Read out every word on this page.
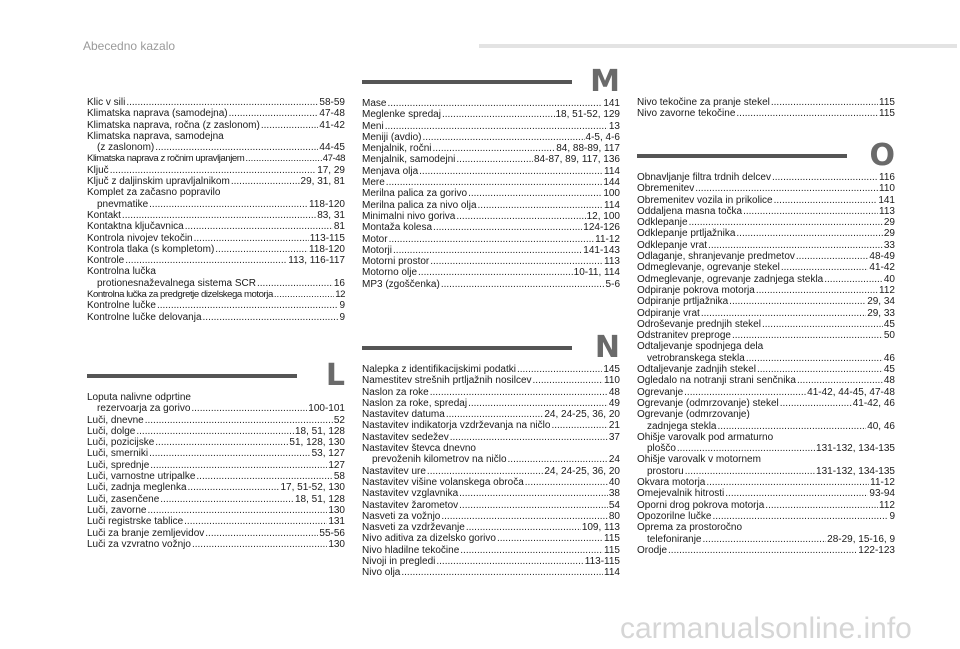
Abecedno kazalo
Klic v sili .....	58-59
Klimatska naprava (samodejna) .....	47-48
Klimatska naprava, ročna (z zaslonom) .....	41-42
Klimatska naprava, samodejna
(z zaslonom) .....	44-45
Klimatska naprava z ročnim upravljanjem .....	47-48
Ključ .....	17, 29
Ključ z daljinskim upravljalnikom .....	29, 31, 81
Komplet za začasno popravilo
pnevmatike .....	118-120
Kontakt .....	83, 31
Kontaktna ključavnica .....	81
Kontrola nivojev tekočin .....	113-115
Kontrola tlaka (s kompletom) .....	118-120
Kontrole .....	113, 116-117
Kontrolna lučka
protionesnaževalnega sistema SCR .....	16
Kontrolna lučka za predgretje dizelskega motorja .....	12
Kontrolne lučke .....	9
Kontrolne lučke delovanja .....	9
L
Loputa nalivne odprtine
rezervoarja za gorivo .....	100-101
Luči, dnevne .....	52
Luči, dolge .....	18, 51, 128
Luči, pozicijske .....	51, 128, 130
Luči, smerniki .....	53, 127
Luči, sprednje .....	127
Luči, varnostne utripalke .....	58
Luči, zadnja meglenka .....	17, 51-52, 130
Luči, zasenčene .....	18, 51, 128
Luči, zavorne .....	130
Luči registrske tablice .....	131
Luči za branje zemljevidov .....	55-56
Luči za vzvratno vožnjo .....	130
M
Mase .....	141
Meglenke spredaj .....	18, 51-52, 129
Meni .....	13
Meniji (avdio) .....	4-5, 4-6
Menjalnik, ročni .....	84, 88-89, 117
Menjalnik, samodejni .....	84-87, 89, 117, 136
Menjava olja .....	114
Mere .....	144
Merilna palica za gorivo .....	100
Merilna palica za nivo olja .....	114
Minimalni nivo goriva .....	12, 100
Montaža kolesa .....	124-126
Motor .....	11-12
Motorji .....	141-143
Motorni prostor .....	113
Motorno olje .....	10-11, 114
MP3 (zgoščenka) .....	5-6
N
Nalepka z identifikacijskimi podatki .....	145
Namestitev strešnih prtljažnih nosilcev .....	110
Naslon za roke .....	48
Naslon za roke, spredaj .....	49
Nastavitev datuma .....	24, 24-25, 36, 20
Nastavitev indikatorja vzdrževanja na ničlo .....	21
Nastavitev sedežev .....	37
Nastavitev števca dnevno
prevoženih kilometrov na ničlo .....	24
Nastavitev ure .....	24, 24-25, 36, 20
Nastavitev višine volanskega obroča .....	40
Nastavitev vzglavnika .....	38
Nastavitev žarometov .....	54
Nasveti za vožnjo .....	80
Nasveti za vzdrževanje .....	109, 113
Nivo aditiva za dizelsko gorivo .....	115
Nivo hladilne tekočine .....	115
Nivoji in pregledi .....	113-115
Nivo olja .....	114
Nivo tekočine za pranje stekel .....	115
Nivo zavorne tekočine .....	115
O
Obnavljanje filtra trdnih delcev .....	116
Obremenitev .....	110
Obremenitev vozila in prikolice .....	141
Oddaljena masna točka .....	113
Odklepanje .....	29
Odklepanje prtljažnika .....	29
Odklepanje vrat .....	33
Odlaganje, shranjevanje predmetov .....	48-49
Odmeglevanje, ogrevanje stekel .....	41-42
Odmeglevanje, ogrevanje zadnjega stekla .....	40
Odpiranje pokrova motorja .....	112
Odpiranje prtljažnika .....	29, 34
Odpiranje vrat .....	29, 33
Odroševanje prednjih stekel .....	45
Odstranitev preproge .....	50
Odtaljevanje spodnjega dela
vetrobranskega stekla .....	46
Odtaljevanje zadnjih stekel .....	45
Ogledalo na notranji strani senčnika .....	48
Ogrevanje .....	41-42, 44-45, 47-48
Ogrevanje (odmrzovanje) stekel .....	41-42, 46
Ogrevanje (odmrzovanje)
zadnjega stekla .....	40, 46
Ohišje varovalk pod armaturno
ploščo .....	131-132, 134-135
Ohišje varovalk v motornem
prostoru .....	131-132, 134-135
Okvara motorja .....	11-12
Omejevalnik hitrosti .....	93-94
Oporni drog pokrova motorja .....	112
Opozorilne lučke .....	9
Oprema za prostoročno
telefoniranje .....	28-29, 15-16, 9
Orodje .....	122-123
carmanualsonline.info
